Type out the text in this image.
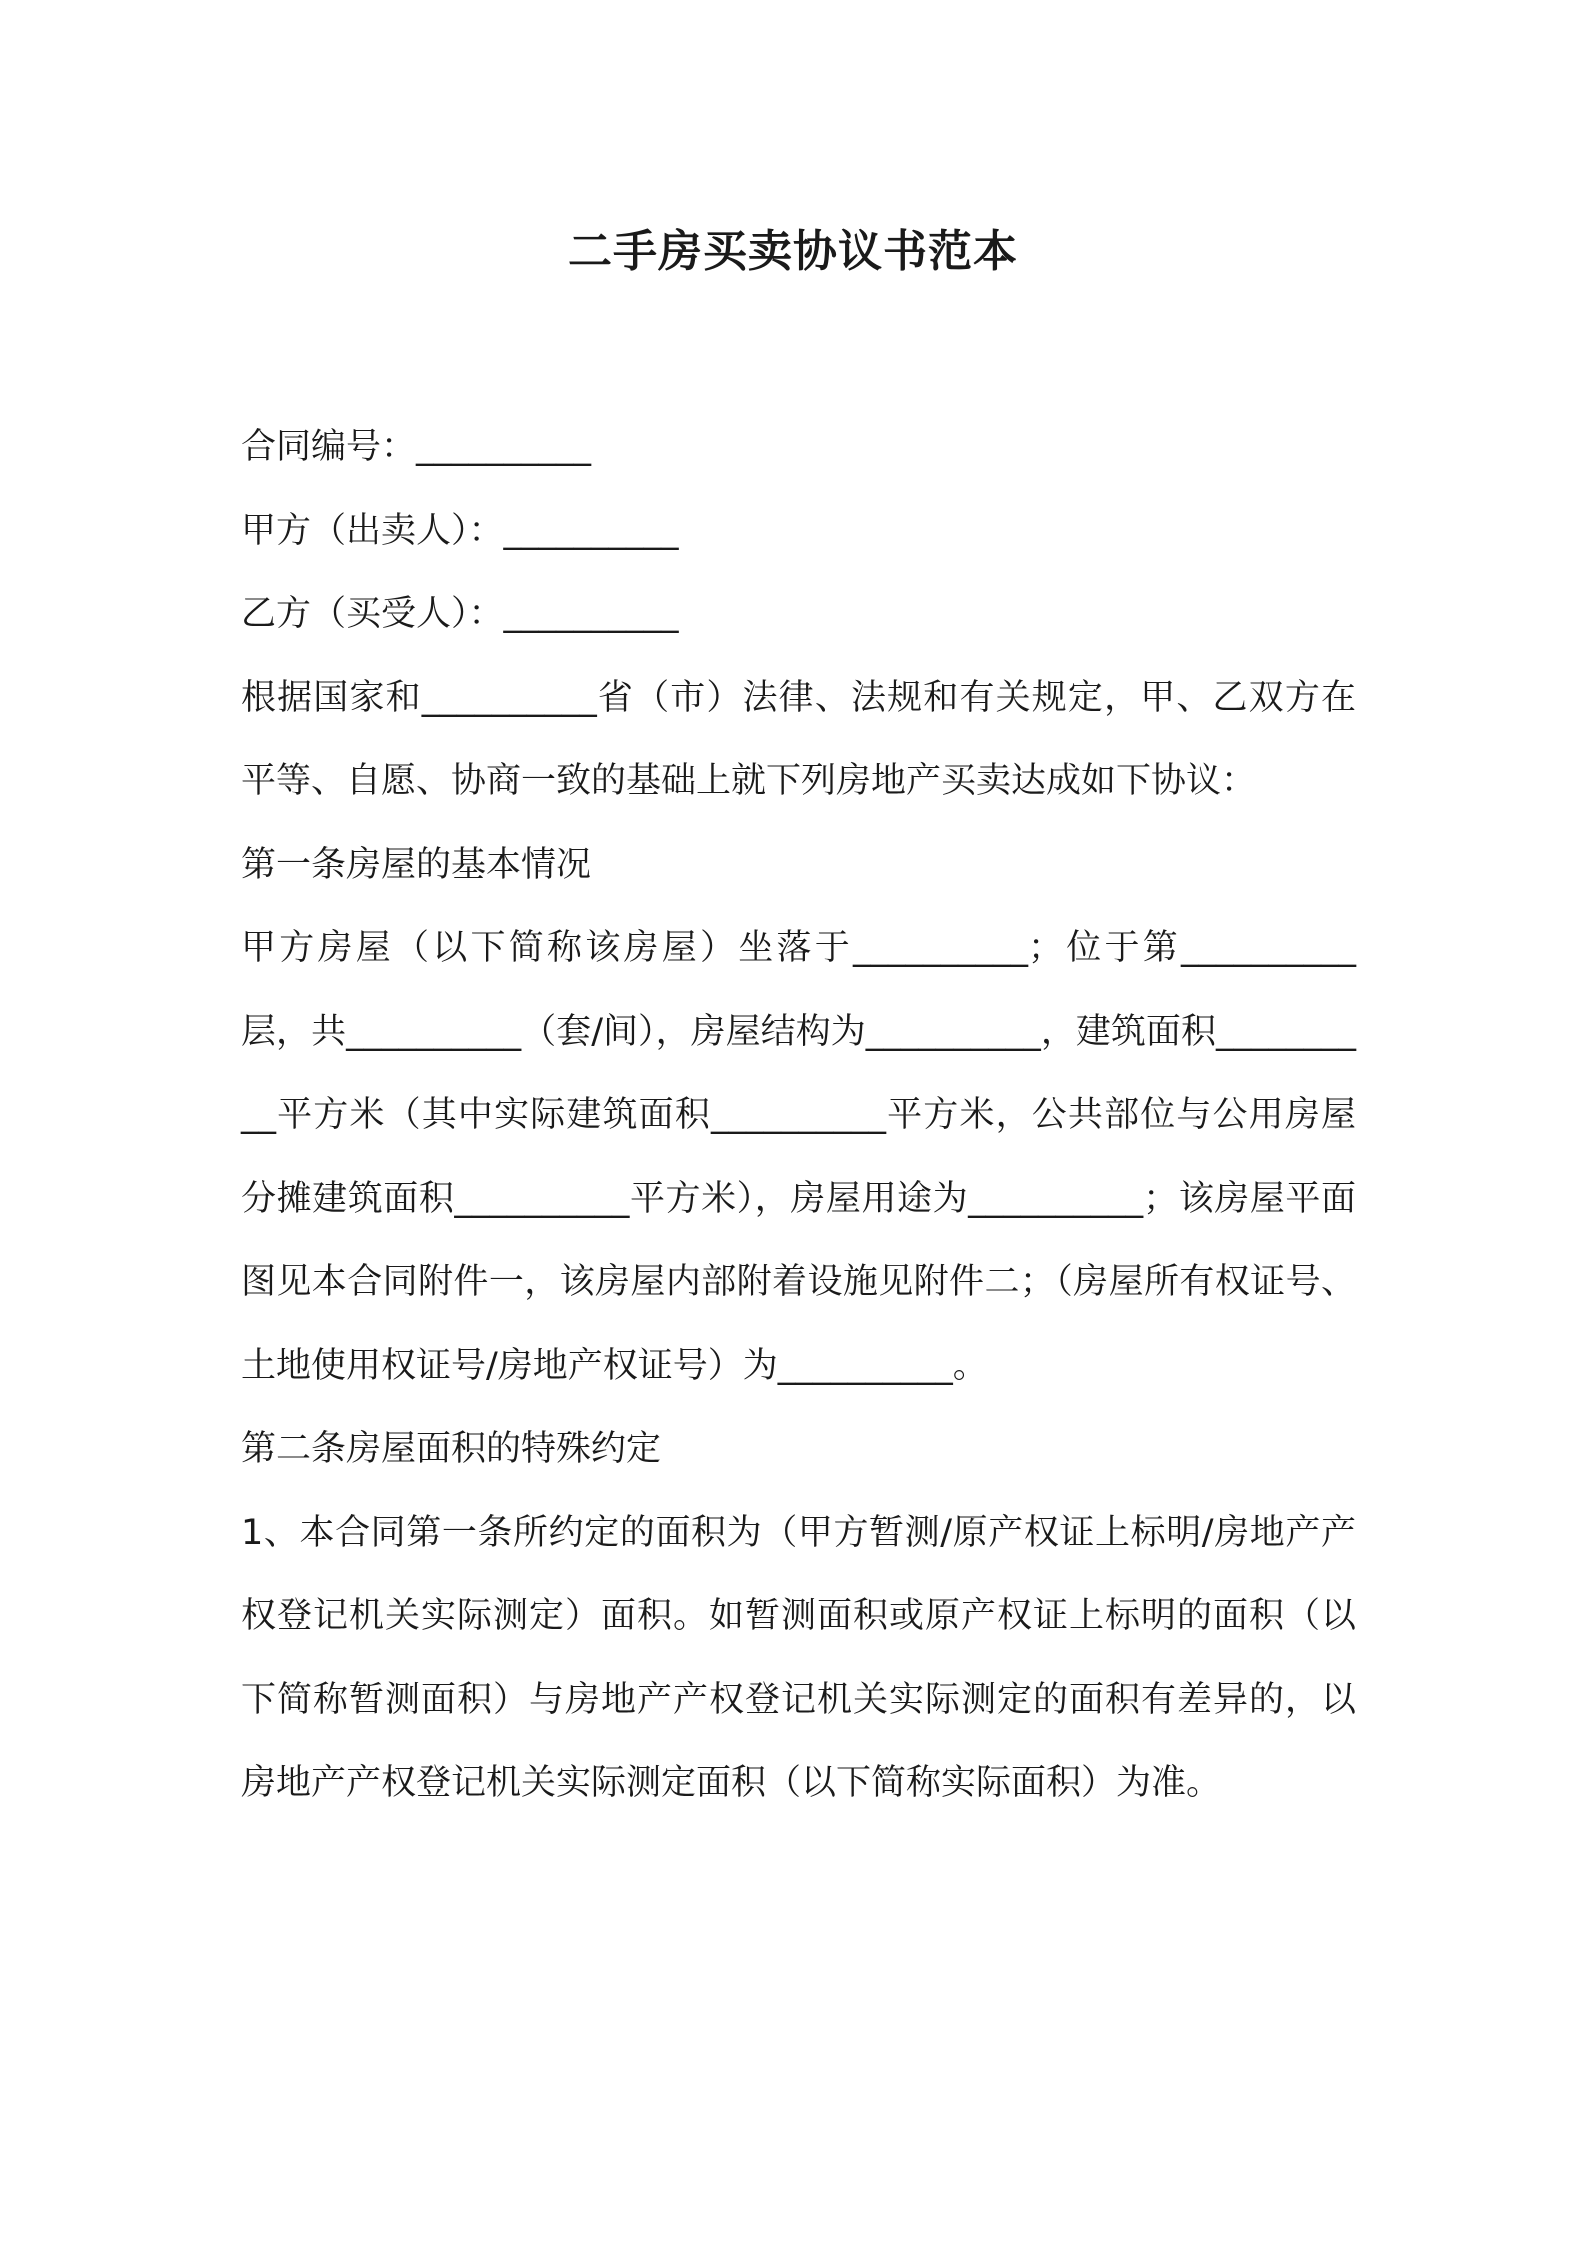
二手房买卖协议书范本

合同编号：__________

甲方（出卖人）：__________

乙方（买受人）：__________

根据国家和__________省（市）法律、法规和有关规定，甲、乙双方在平等、自愿、协商一致的基础上就下列房地产买卖达成如下协议：

第一条房屋的基本情况

甲方房屋（以下简称该房屋）坐落于__________；位于第__________层，共__________（套/间），房屋结构为__________，建筑面积__________平方米（其中实际建筑面积__________平方米，公共部位与公用房屋分摊建筑面积__________平方米），房屋用途为__________；该房屋平面图见本合同附件一，该房屋内部附着设施见附件二；（房屋所有权证号、土地使用权证号/房地产权证号）为__________。

第二条房屋面积的特殊约定

1、本合同第一条所约定的面积为（甲方暂测/原产权证上标明/房地产产权登记机关实际测定）面积。如暂测面积或原产权证上标明的面积（以下简称暂测面积）与房地产产权登记机关实际测定的面积有差异的，以房地产产权登记机关实际测定面积（以下简称实际面积）为准。
